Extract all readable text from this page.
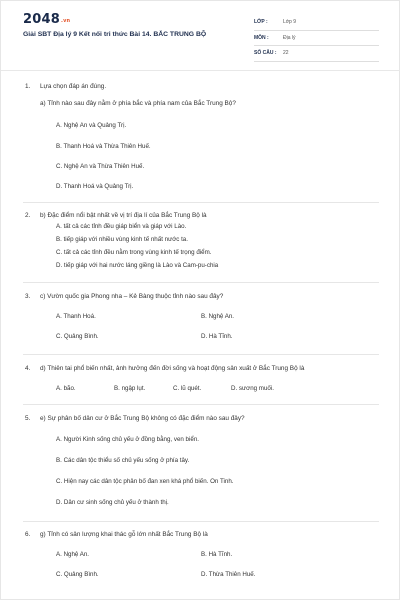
2048.vn
Giải SBT Địa lý 9 Kết nối tri thức Bài 14. BẮC TRUNG BỘ
LỚP :	Lớp 9
MÔN :	Địa lý
SỐ CÂU : 22
1. Lựa chọn đáp án đúng.
a) Tỉnh nào sau đây nằm ở phía bắc và phía nam của Bắc Trung Bộ?
A. Nghệ An và Quảng Trị.
B. Thanh Hoá và Thừa Thiên Huế.
C. Nghệ An và Thừa Thiên Huế.
D. Thanh Hoá và Quảng Trị.
2. b) Đặc điểm nổi bật nhất về vị trí địa lí của Bắc Trung Bộ là
A. tất cả các tỉnh đều giáp biển và giáp với Lào.
B. tiếp giáp với nhiều vùng kinh tế nhất nước ta.
C. tất cả các tỉnh đều nằm trong vùng kinh tế trọng điểm.
D. tiếp giáp với hai nước láng giềng là Lào và Cam-pu-chia
3. c) Vườn quốc gia Phong nha – Kẻ Bàng thuộc tỉnh nào sau đây?
A. Thanh Hoá.	B. Nghệ An.
C. Quảng Bình.	D. Hà Tĩnh.
4. d) Thiên tai phổ biến nhất, ảnh hưởng đến đời sống và hoạt động sản xuất ở Bắc Trung Bộ là
A. bão.	B. ngập lụt.	C. lũ quét.	D. sương muối.
5. e) Sự phân bố dân cư ở Bắc Trung Bộ không có đặc điểm nào sau đây?
A. Người Kinh sống chủ yếu ở đồng bằng, ven biển.
B. Các dân tộc thiểu số chủ yếu sống ở phía tây.
C. Hiện nay các dân tộc phân bố đan xen khá phổ biến. On Tinh.
D. Dân cư sinh sống chủ yếu ở thành thị.
6. g) Tỉnh có sản lượng khai thác gỗ lớn nhất Bắc Trung Bộ là
A. Nghệ An.	B. Hà Tĩnh.
C. Quảng Bình.	D. Thừa Thiên Huế.
